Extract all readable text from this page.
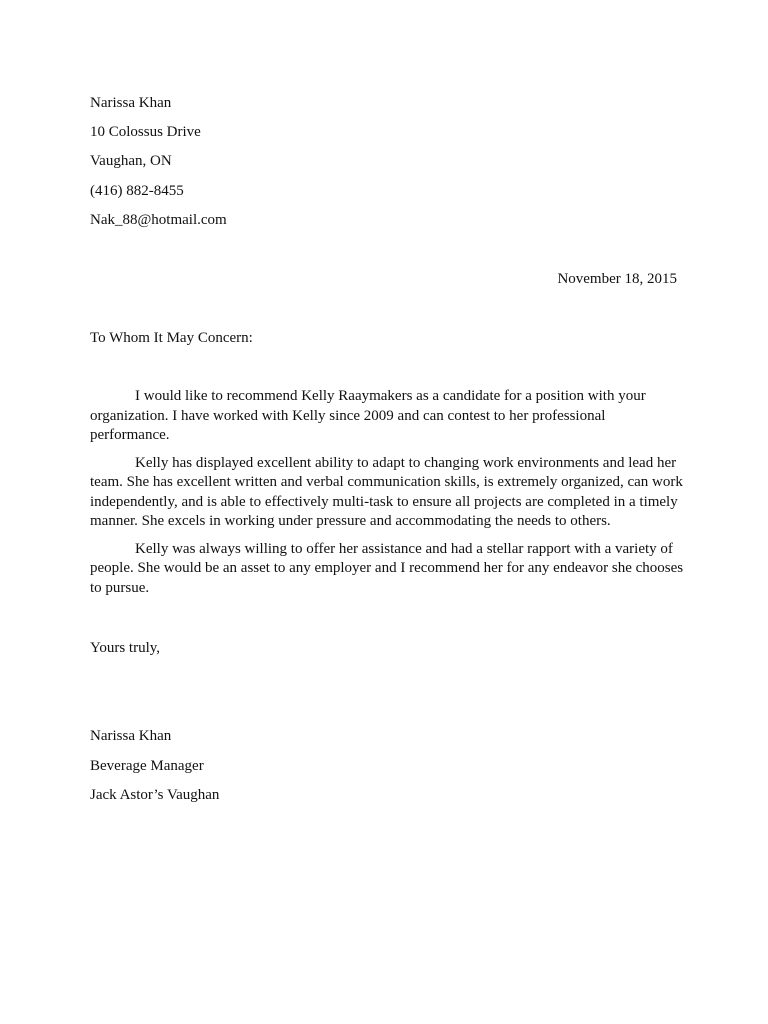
Narissa Khan
10 Colossus Drive
Vaughan, ON
(416) 882-8455
Nak_88@hotmail.com
November 18, 2015
To Whom It May Concern:

I would like to recommend Kelly Raaymakers as a candidate for a position with your organization. I have worked with Kelly since 2009 and can contest to her professional performance.

Kelly has displayed excellent ability to adapt to changing work environments and lead her team. She has excellent written and verbal communication skills, is extremely organized, can work independently, and is able to effectively multi-task to ensure all projects are completed in a timely manner. She excels in working under pressure and accommodating the needs to others.

Kelly was always willing to offer her assistance and had a stellar rapport with a variety of people. She would be an asset to any employer and I recommend her for any endeavor she chooses to pursue.

Yours truly,
Narissa Khan
Beverage Manager
Jack Astor’s Vaughan
